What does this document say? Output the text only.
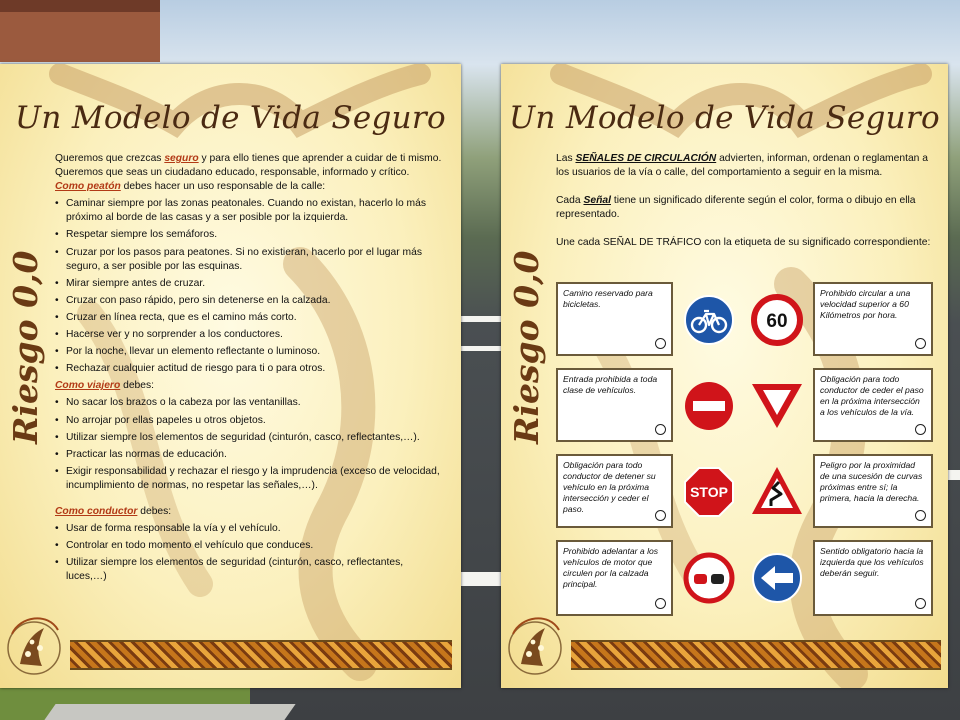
Un Modelo de Vida Seguro
Riesgo 0,0

Queremos que crezcas seguro y para ello tienes que aprender a cuidar de ti mismo.

Queremos que seas un ciudadano educado, responsable, informado y crítico.

Como peatón debes hacer un uso responsable de la calle:

• Caminar siempre por las zonas peatonales. Cuando no existan, hacerlo lo más próximo al borde de las casas y a ser posible por la izquierda.
• Respetar siempre los semáforos.
• Cruzar por los pasos para peatones. Si no existieran, hacerlo por el lugar más seguro, a ser posible por las esquinas.
• Mirar siempre antes de cruzar.
• Cruzar con paso rápido, pero sin detenerse en la calzada.
• Cruzar en línea recta, que es el camino más corto.
• Hacerse ver y no sorprender a los conductores.
• Por la noche, llevar un elemento reflectante o luminoso.
• Rechazar cualquier actitud de riesgo para ti o para otros.

Como viajero debes:

• No sacar los brazos o la cabeza por las ventanillas.
• No arrojar por ellas papeles u otros objetos.
• Utilizar siempre los elementos de seguridad (cinturón, casco, reflectantes,…).
• Practicar las normas de educación.
• Exigir responsabilidad y rechazar el riesgo y la imprudencia (exceso de velocidad, incumplimiento de normas, no respetar las señales,…).

Como conductor debes:

• Usar de forma responsable la vía y el vehículo.
• Controlar en todo momento el vehículo que conduces.
• Utilizar siempre los elementos de seguridad (cinturón, casco, reflectantes, luces,…)
Un Modelo de Vida Seguro
Riesgo 0,0

Las SEÑALES DE CIRCULACIÓN advierten, informan, ordenan o reglamentan a los usuarios de la vía o calle, del comportamiento a seguir en la misma.

Cada Señal tiene un significado diferente según el color, forma o dibujo en ella representado.

Une cada SEÑAL DE TRÁFICO con la etiqueta de su significado correspondiente:

Camino reservado para bicicletas.
Entrada prohibida a toda clase de vehículos.
Obligación para todo conductor de detener su vehículo en la próxima intersección y ceder el paso.
Prohibido adelantar a los vehículos de motor que circulen por la calzada principal.
Prohibido circular a una velocidad superior a 60 Kilómetros por hora.
Obligación para todo conductor de ceder el paso en la próxima intersección a los vehículos de la vía.
Peligro por la proximidad de una sucesión de curvas próximas entre sí; la primera, hacia la derecha.
Sentido obligatorio hacia la izquierda que los vehículos deberán seguir.
STOP
60
